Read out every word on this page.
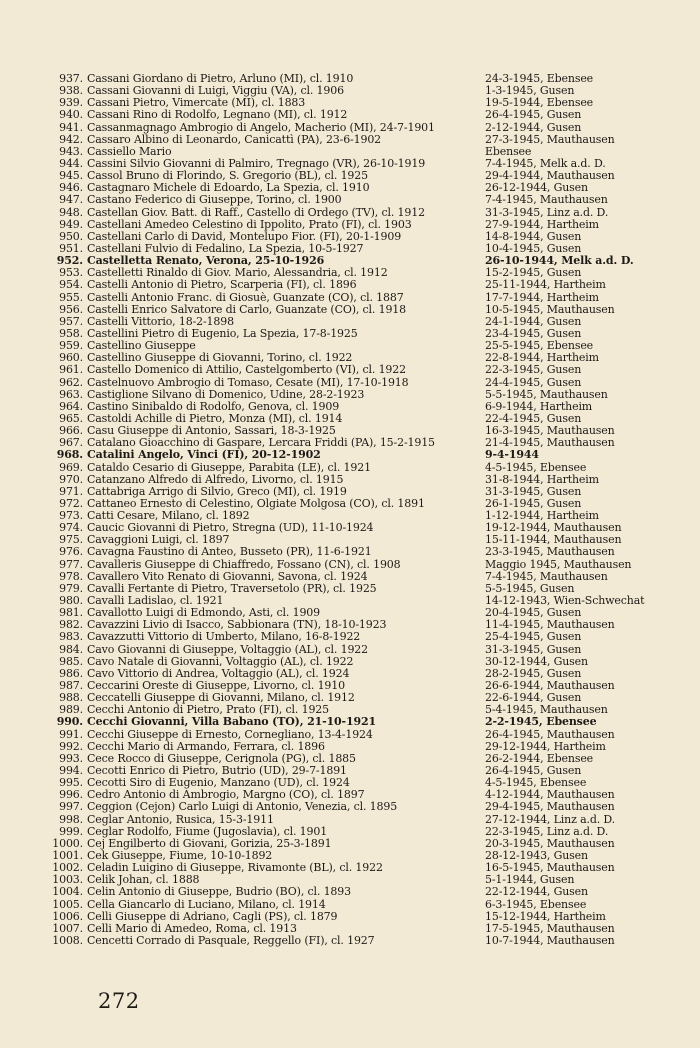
937. Cassani Giordano di Pietro, Arluno (MI), cl. 1910	24-3-1945, Ebensee
938. Cassani Giovanni di Luigi, Viggiu (VA), cl. 1906	1-3-1945, Gusen
939. Cassani Pietro, Vimercate (MI), cl. 1883	19-5-1944, Ebensee
940. Cassani Rino di Rodolfo, Legnano (MI), cl. 1912	26-4-1945, Gusen
941. Cassanmagnago Ambrogio di Angelo, Macherio (MI), 24-7-1901	2-12-1944, Gusen
942. Cassaro Albino di Leonardo, Canicattì (PA), 23-6-1902	27-3-1945, Mauthausen
943. Cassiello Mario	Ebensee
944. Cassini Silvio Giovanni di Palmiro, Tregnago (VR), 26-10-1919	7-4-1945, Melk a.d. D.
945. Cassol Bruno di Florindo, S. Gregorio (BL), cl. 1925	29-4-1944, Mauthausen
946. Castagnaro Michele di Edoardo, La Spezia, cl. 1910	26-12-1944, Gusen
947. Castano Federico di Giuseppe, Torino, cl. 1900	7-4-1945, Mauthausen
948. Castellan Giov. Batt. di Raff., Castello di Ordego (TV), cl. 1912	31-3-1945, Linz a.d. D.
949. Castellani Amedeo Celestino di Ippolito, Prato (FI), cl. 1903	27-9-1944, Hartheim
950. Castellani Carlo di David, Montelupo Fior. (FI), 20-1-1909	14-8-1944, Gusen
951. Castellani Fulvio di Fedalino, La Spezia, 10-5-1927	10-4-1945, Gusen
952. Castelletta Renato, Verona, 25-10-1926	26-10-1944, Melk a.d. D.
953. Castelletti Rinaldo di Giov. Mario, Alessandria, cl. 1912	15-2-1945, Gusen
954. Castelli Antonio di Pietro, Scarperia (FI), cl. 1896	25-11-1944, Hartheim
955. Castelli Antonio Franc. di Giosuè, Guanzate (CO), cl. 1887	17-7-1944, Hartheim
956. Castelli Enrico Salvatore di Carlo, Guanzate (CO), cl. 1918	10-5-1945, Mauthausen
957. Castelli Vittorio, 18-2-1898	24-1-1944, Gusen
958. Castellini Pietro di Eugenio, La Spezia, 17-8-1925	23-4-1945, Gusen
959. Castellino Giuseppe	25-5-1945, Ebensee
960. Castellino Giuseppe di Giovanni, Torino, cl. 1922	22-8-1944, Hartheim
961. Castello Domenico di Attilio, Castelgomberto (VI), cl. 1922	22-3-1945, Gusen
962. Castelnuovo Ambrogio di Tomaso, Cesate (MI), 17-10-1918	24-4-1945, Gusen
963. Castiglione Silvano di Domenico, Udine, 28-2-1923	5-5-1945, Mauthausen
964. Castino Sinibaldo di Rodolfo, Genova, cl. 1909	6-9-1944, Hartheim
965. Castoldi Achille di Pietro, Monza (MI), cl. 1914	22-4-1945, Gusen
966. Casu Giuseppe di Antonio, Sassari, 18-3-1925	16-3-1945, Mauthausen
967. Catalano Gioacchino di Gaspare, Lercara Friddi (PA), 15-2-1915	21-4-1945, Mauthausen
968. Catalini Angelo, Vinci (FI), 20-12-1902	9-4-1944
969. Cataldo Cesario di Giuseppe, Parabita (LE), cl. 1921	4-5-1945, Ebensee
970. Catanzano Alfredo di Alfredo, Livorno, cl. 1915	31-8-1944, Hartheim
971. Cattabriga Arrigo di Silvio, Greco (MI), cl. 1919	31-3-1945, Gusen
972. Cattaneo Ernesto di Celestino, Olgiate Molgosa (CO), cl. 1891	26-1-1945, Gusen
973. Catti Cesare, Milano, cl. 1892	1-12-1944, Hartheim
974. Caucic Giovanni di Pietro, Stregna (UD), 11-10-1924	19-12-1944, Mauthausen
975. Cavaggioni Luigi, cl. 1897	15-11-1944, Mauthausen
976. Cavagna Faustino di Anteo, Busseto (PR), 11-6-1921	23-3-1945, Mauthausen
977. Cavalleris Giuseppe di Chiaffredo, Fossano (CN), cl. 1908	Maggio 1945, Mauthausen
978. Cavallero Vito Renato di Giovanni, Savona, cl. 1924	7-4-1945, Mauthausen
979. Cavalli Fertante di Pietro, Traversetolo (PR), cl. 1925	5-5-1945, Gusen
980. Cavalli Ladislao, cl. 1921	14-12-1943, Wien-Schwechat
981. Cavallotto Luigi di Edmondo, Asti, cl. 1909	20-4-1945, Gusen
982. Cavazzini Livio di Isacco, Sabbionara (TN), 18-10-1923	11-4-1945, Mauthausen
983. Cavazzutti Vittorio di Umberto, Milano, 16-8-1922	25-4-1945, Gusen
984. Cavo Giovanni di Giuseppe, Voltaggio (AL), cl. 1922	31-3-1945, Gusen
985. Cavo Natale di Giovanni, Voltaggio (AL), cl. 1922	30-12-1944, Gusen
986. Cavo Vittorio di Andrea, Voltaggio (AL), cl. 1924	28-2-1945, Gusen
987. Ceccarini Oreste di Giuseppe, Livorno, cl. 1910	26-6-1944, Mauthausen
988. Ceccatelli Giuseppe di Giovanni, Milano, cl. 1912	22-6-1944, Gusen
989. Cecchi Antonio di Pietro, Prato (FI), cl. 1925	5-4-1945, Mauthausen
990. Cecchi Giovanni, Villa Babano (TO), 21-10-1921	2-2-1945, Ebensee
991. Cecchi Giuseppe di Ernesto, Cornegliano, 13-4-1924	26-4-1945, Mauthausen
992. Cecchi Mario di Armando, Ferrara, cl. 1896	29-12-1944, Hartheim
993. Cece Rocco di Giuseppe, Cerignola (PG), cl. 1885	26-2-1944, Ebensee
994. Cecotti Enrico di Pietro, Butrio (UD), 29-7-1891	26-4-1945, Gusen
995. Cecotti Siro di Eugenio, Manzano (UD), cl. 1924	4-5-1945, Ebensee
996. Cedro Antonio di Ambrogio, Margno (CO), cl. 1897	4-12-1944, Mauthausen
997. Ceggion (Cejon) Carlo Luigi di Antonio, Venezia, cl. 1895	29-4-1945, Mauthausen
998. Ceglar Antonio, Rusica, 15-3-1911	27-12-1944, Linz a.d. D.
999. Ceglar Rodolfo, Fiume (Jugoslavia), cl. 1901	22-3-1945, Linz a.d. D.
1000. Cej Engilberto di Giovani, Gorizia, 25-3-1891	20-3-1945, Mauthausen
1001. Cek Giuseppe, Fiume, 10-10-1892	28-12-1943, Gusen
1002. Celadin Luigino di Giuseppe, Rivamonte (BL), cl. 1922	16-5-1945, Mauthausen
1003. Celik Johan, cl. 1888	5-1-1944, Gusen
1004. Celin Antonio di Giuseppe, Budrio (BO), cl. 1893	22-12-1944, Gusen
1005. Cella Giancarlo di Luciano, Milano, cl. 1914	6-3-1945, Ebensee
1006. Celli Giuseppe di Adriano, Cagli (PS), cl. 1879	15-12-1944, Hartheim
1007. Celli Mario di Amedeo, Roma, cl. 1913	17-5-1945, Mauthausen
1008. Cencetti Corrado di Pasquale, Reggello (FI), cl. 1927	10-7-1944, Mauthausen
272
